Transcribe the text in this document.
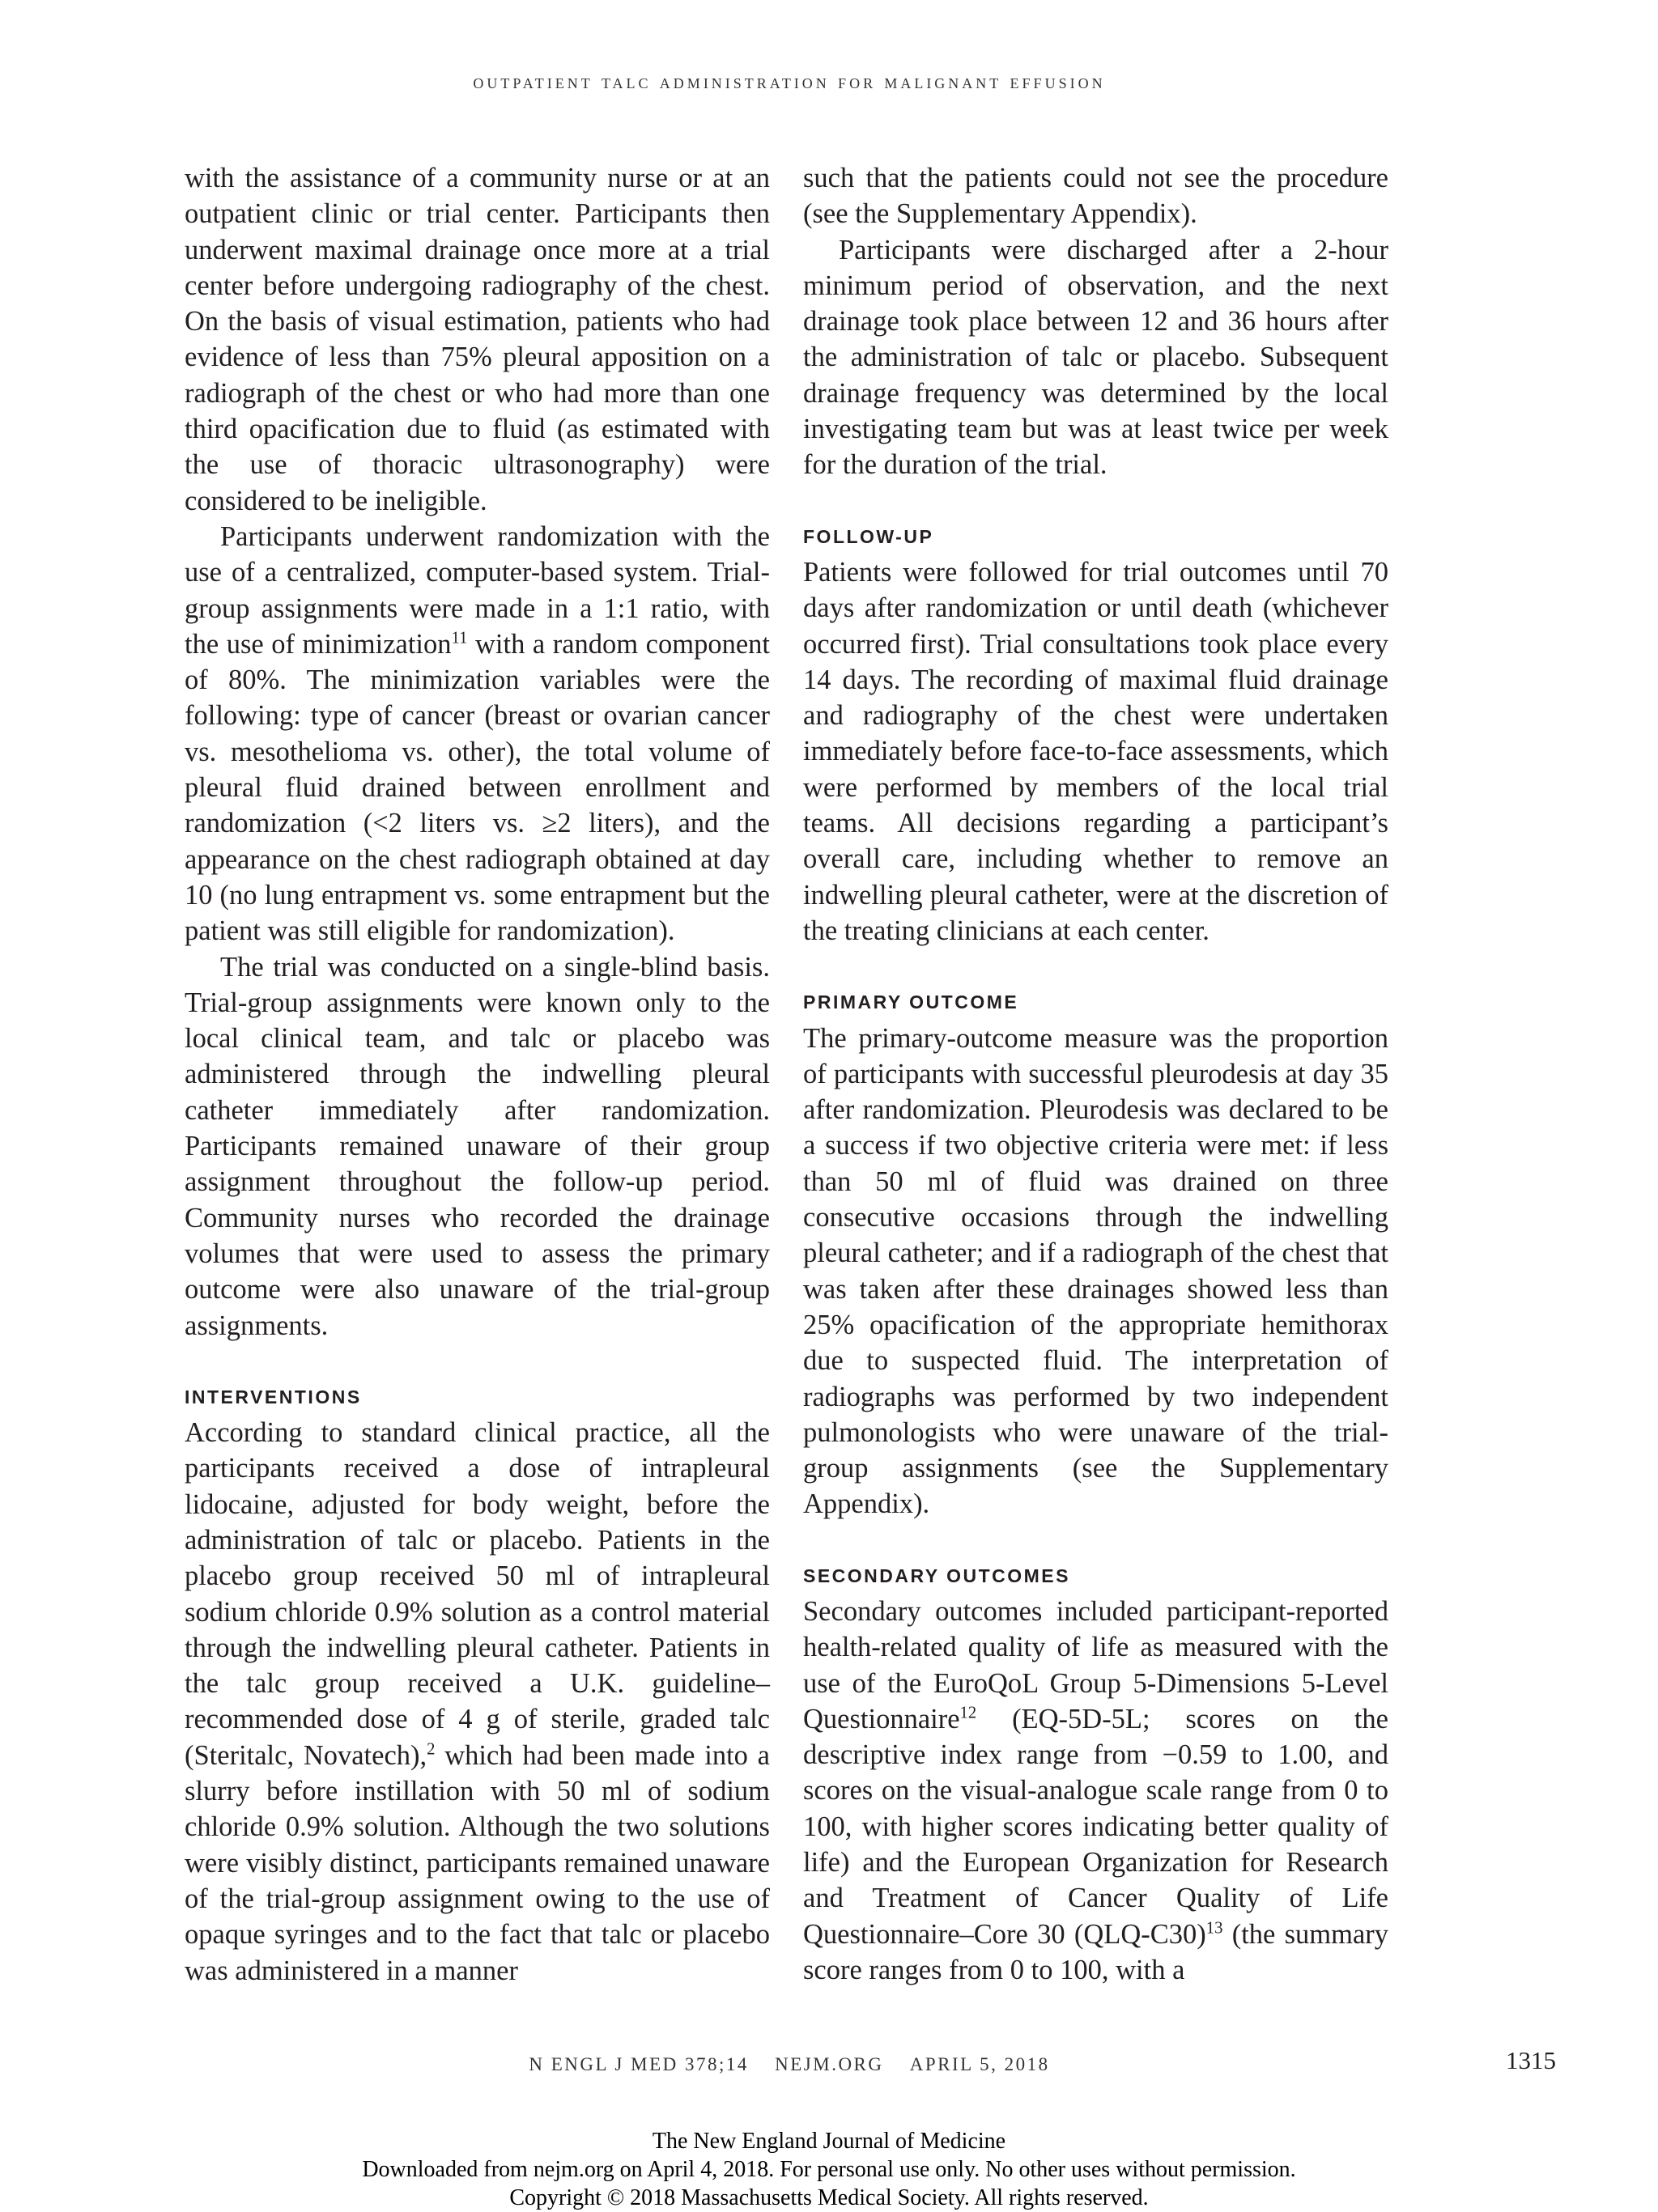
outpatient talc administration for malignant effusion

with the assistance of a community nurse or at an outpatient clinic or trial center. Participants then underwent maximal drainage once more at a trial center before undergoing radiography of the chest. On the basis of visual estimation, patients who had evidence of less than 75% pleural apposition on a radiograph of the chest or who had more than one third opacification due to fluid (as estimated with the use of thoracic ultrasonography) were considered to be ineligible.

Participants underwent randomization with the use of a centralized, computer-based system. Trial-group assignments were made in a 1:1 ratio, with the use of minimization$^{11}$ with a random component of 80%. The minimization variables were the following: type of cancer (breast or ovarian cancer vs. mesothelioma vs. other), the total volume of pleural fluid drained between enrollment and randomization (<2 liters vs. ≥2 liters), and the appearance on the chest radiograph obtained at day 10 (no lung entrapment vs. some entrapment but the patient was still eligible for randomization).

The trial was conducted on a single-blind basis. Trial-group assignments were known only to the local clinical team, and talc or placebo was administered through the indwelling pleural catheter immediately after randomization. Participants remained unaware of their group assignment throughout the follow-up period. Community nurses who recorded the drainage volumes that were used to assess the primary outcome were also unaware of the trial-group assignments.

INTERVENTIONS

According to standard clinical practice, all the participants received a dose of intrapleural lidocaine, adjusted for body weight, before the administration of talc or placebo. Patients in the placebo group received 50 ml of intrapleural sodium chloride 0.9% solution as a control material through the indwelling pleural catheter. Patients in the talc group received a U.K. guideline–recommended dose of 4 g of sterile, graded talc (Steritalc, Novatech),$^2$ which had been made into a slurry before instillation with 50 ml of sodium chloride 0.9% solution. Although the two solutions were visibly distinct, participants remained unaware of the trial-group assignment owing to the use of opaque syringes and to the fact that talc or placebo was administered in a manner

such that the patients could not see the procedure (see the Supplementary Appendix).

Participants were discharged after a 2-hour minimum period of observation, and the next drainage took place between 12 and 36 hours after the administration of talc or placebo. Subsequent drainage frequency was determined by the local investigating team but was at least twice per week for the duration of the trial.

FOLLOW-UP

Patients were followed for trial outcomes until 70 days after randomization or until death (whichever occurred first). Trial consultations took place every 14 days. The recording of maximal fluid drainage and radiography of the chest were undertaken immediately before face-to-face assessments, which were performed by members of the local trial teams. All decisions regarding a participant’s overall care, including whether to remove an indwelling pleural catheter, were at the discretion of the treating clinicians at each center.

PRIMARY OUTCOME

The primary-outcome measure was the proportion of participants with successful pleurodesis at day 35 after randomization. Pleurodesis was declared to be a success if two objective criteria were met: if less than 50 ml of fluid was drained on three consecutive occasions through the indwelling pleural catheter; and if a radiograph of the chest that was taken after these drainages showed less than 25% opacification of the appropriate hemithorax due to suspected fluid. The interpretation of radiographs was performed by two independent pulmonologists who were unaware of the trial-group assignments (see the Supplementary Appendix).

SECONDARY OUTCOMES

Secondary outcomes included participant-reported health-related quality of life as measured with the use of the EuroQoL Group 5-Dimensions 5-Level Questionnaire$^{12}$ (EQ-5D-5L; scores on the descriptive index range from −0.59 to 1.00, and scores on the visual-analogue scale range from 0 to 100, with higher scores indicating better quality of life) and the European Organization for Research and Treatment of Cancer Quality of Life Questionnaire–Core 30 $(QLQ-C30)^{13}$ (the summary score ranges from 0 to 100, with a

N ENGL J MED 378;14 NEJM.ORG APRIL 5, 2018	1315
The New England Journal of Medicine
Downloaded from nejm.org on April 4, 2018. For personal use only. No other uses without permission.
Copyright © 2018 Massachusetts Medical Society. All rights reserved.
